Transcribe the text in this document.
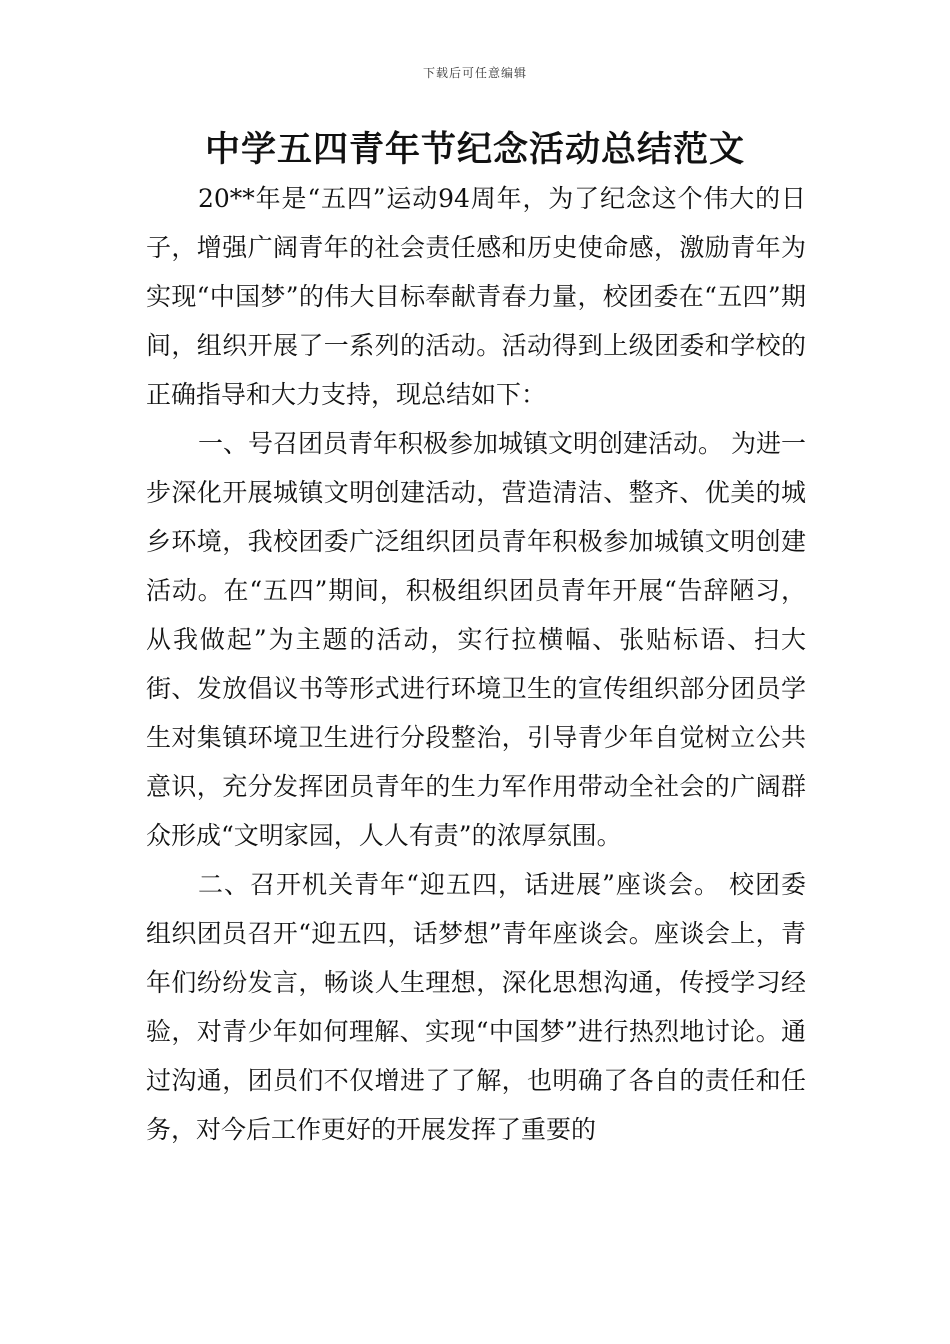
下载后可任意编辑
中学五四青年节纪念活动总结范文

20**年是“五四”运动94周年，为了纪念这个伟大的日子，增强广阔青年的社会责任感和历史使命感，激励青年为实现“中国梦”的伟大目标奉献青春力量，校团委在“五四”期间，组织开展了一系列的活动。活动得到上级团委和学校的正确指导和大力支持，现总结如下：

一、号召团员青年积极参加城镇文明创建活动。 为进一步深化开展城镇文明创建活动，营造清洁、整齐、优美的城乡环境，我校团委广泛组织团员青年积极参加城镇文明创建活动。在“五四”期间，积极组织团员青年开展“告辞陋习，从我做起”为主题的活动，实行拉横幅、张贴标语、扫大街、发放倡议书等形式进行环境卫生的宣传组织部分团员学生对集镇环境卫生进行分段整治，引导青少年自觉树立公共意识，充分发挥团员青年的生力军作用带动全社会的广阔群众形成“文明家园，人人有责”的浓厚氛围。

二、召开机关青年“迎五四，话进展”座谈会。 校团委组织团员召开“迎五四，话梦想”青年座谈会。座谈会上，青年们纷纷发言，畅谈人生理想，深化思想沟通，传授学习经验，对青少年如何理解、实现“中国梦”进行热烈地讨论。通过沟通，团员们不仅增进了了解，也明确了各自的责任和任务，对今后工作更好的开展发挥了重要的
